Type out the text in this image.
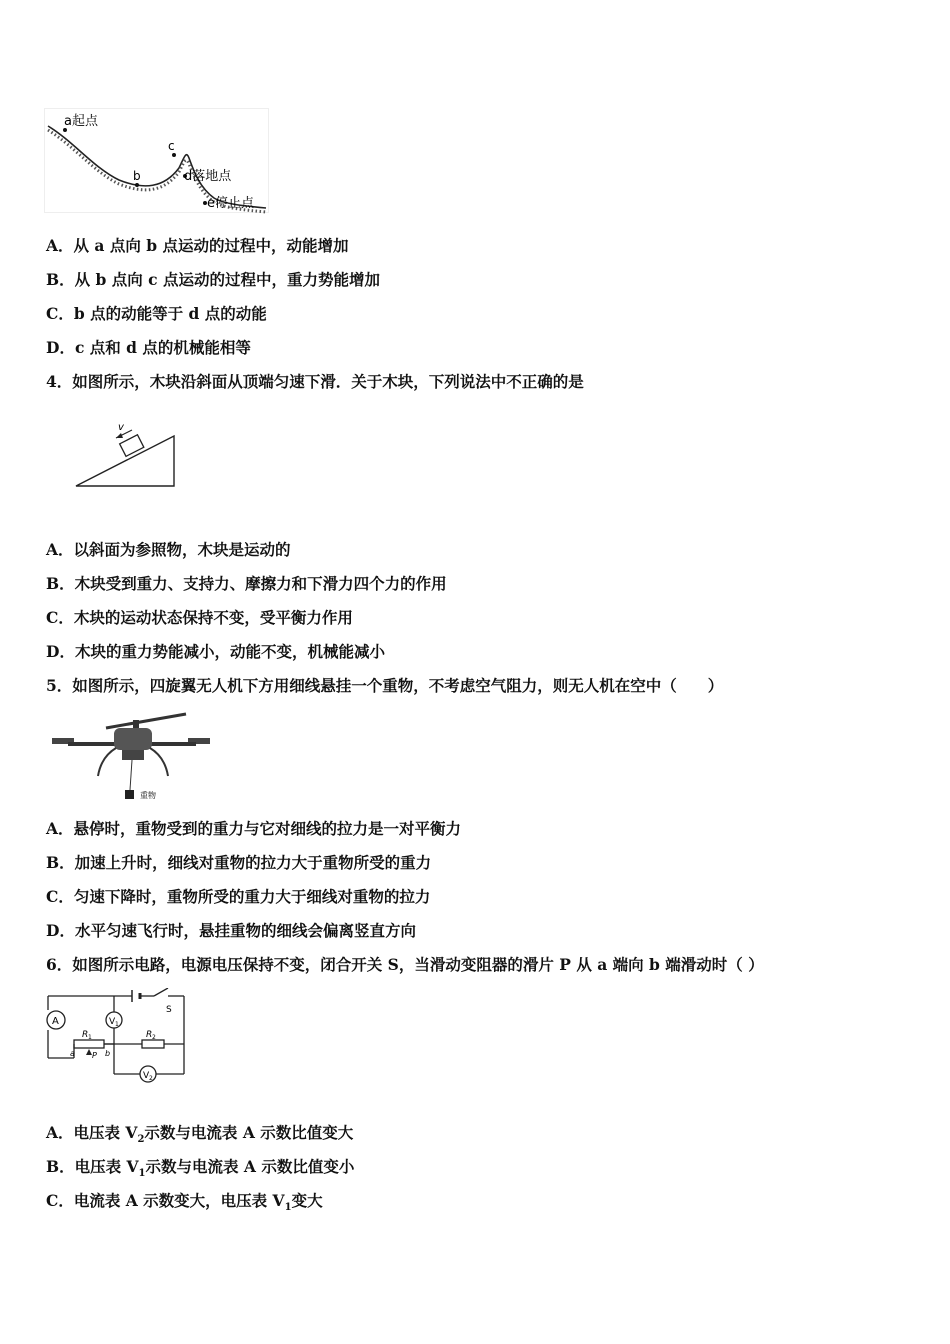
a起点
b
c
d落地点
e停止点
A．从 a 点向 b 点运动的过程中，动能增加
B．从 b 点向 c 点运动的过程中，重力势能增加
C．b 点的动能等于 d 点的动能
D．c 点和 d 点的机械能相等
4．如图所示，木块沿斜面从顶端匀速下滑．关于木块，下列说法中不正确的是
v
A．以斜面为参照物，木块是运动的
B．木块受到重力、支持力、摩擦力和下滑力四个力的作用
C．木块的运动状态保持不变，受平衡力作用
D．木块的重力势能减小，动能不变，机械能减小
5．如图所示，四旋翼无人机下方用细线悬挂一个重物，不考虑空气阻力，则无人机在空中（　　）
重物
A．悬停时，重物受到的重力与它对细线的拉力是一对平衡力
B．加速上升时，细线对重物的拉力大于重物所受的重力
C．匀速下降时，重物所受的重力大于细线对重物的拉力
D．水平匀速飞行时，悬挂重物的细线会偏离竖直方向
6．如图所示电路，电源电压保持不变，闭合开关 S，当滑动变阻器的滑片 P 从 a 端向 b 端滑动时（ ）
A	V 1
V 2
R 1	R 2
S
a	b
P
A．电压表 $V_2$示数与电流表 A 示数比值变大
B．电压表 $V_1$示数与电流表 A 示数比值变小
C．电流表 A 示数变大，电压表 $V_1$变大
